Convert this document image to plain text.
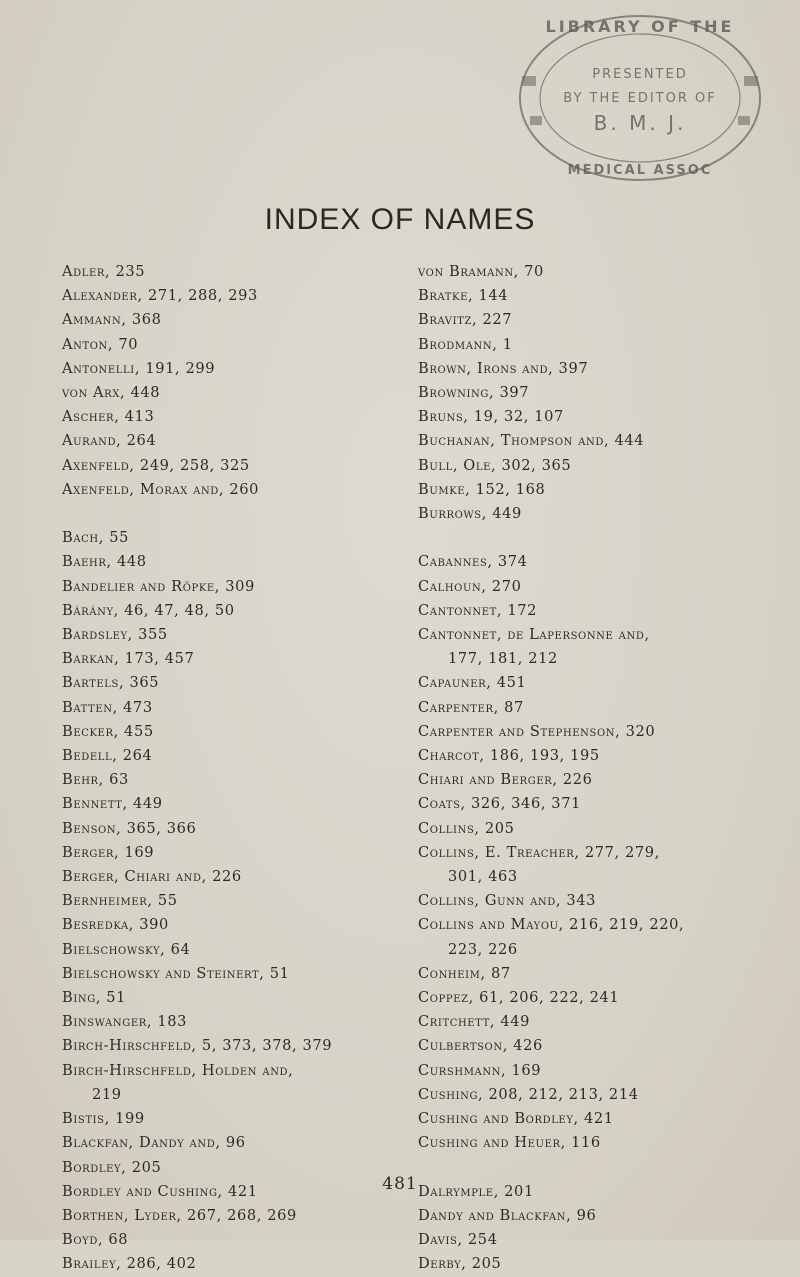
LIBRARY OF THE
PRESENTED
BY THE EDITOR OF
B. M. J.
MEDICAL ASSOC
INDEX OF NAMES
Adler, 235
Alexander, 271, 288, 293
Ammann, 368
Anton, 70
Antonelli, 191, 299
von Arx, 448
Ascher, 413
Aurand, 264
Axenfeld, 249, 258, 325
Axenfeld, Morax and, 260
Bach, 55
Baehr, 448
Bandelier and Röpke, 309
Bárány, 46, 47, 48, 50
Bardsley, 355
Barkan, 173, 457
Bartels, 365
Batten, 473
Becker, 455
Bedell, 264
Behr, 63
Bennett, 449
Benson, 365, 366
Berger, 169
Berger, Chiari and, 226
Bernheimer, 55
Besredka, 390
Bielschowsky, 64
Bielschowsky and Steinert, 51
Bing, 51
Binswanger, 183
Birch-Hirschfeld, 5, 373, 378, 379
Birch-Hirschfeld, Holden and,
219
Bistis, 199
Blackfan, Dandy and, 96
Bordley, 205
Bordley and Cushing, 421
Borthen, Lyder, 267, 268, 269
Boyd, 68
Brailey, 286, 402
von Bramann, 70
Bratke, 144
Bravitz, 227
Brodmann, 1
Brown, Irons and, 397
Browning, 397
Bruns, 19, 32, 107
Buchanan, Thompson and, 444
Bull, Ole, 302, 365
Bumke, 152, 168
Burrows, 449
Cabannes, 374
Calhoun, 270
Cantonnet, 172
Cantonnet, de Lapersonne and,
177, 181, 212
Capauner, 451
Carpenter, 87
Carpenter and Stephenson, 320
Charcot, 186, 193, 195
Chiari and Berger, 226
Coats, 326, 346, 371
Collins, 205
Collins, E. Treacher, 277, 279,
301, 463
Collins, Gunn and, 343
Collins and Mayou, 216, 219, 220,
223, 226
Conheim, 87
Coppez, 61, 206, 222, 241
Critchett, 449
Culbertson, 426
Curshmann, 169
Cushing, 208, 212, 213, 214
Cushing and Bordley, 421
Cushing and Heuer, 116
Dalrymple, 201
Dandy and Blackfan, 96
Davis, 254
Derby, 205
481
